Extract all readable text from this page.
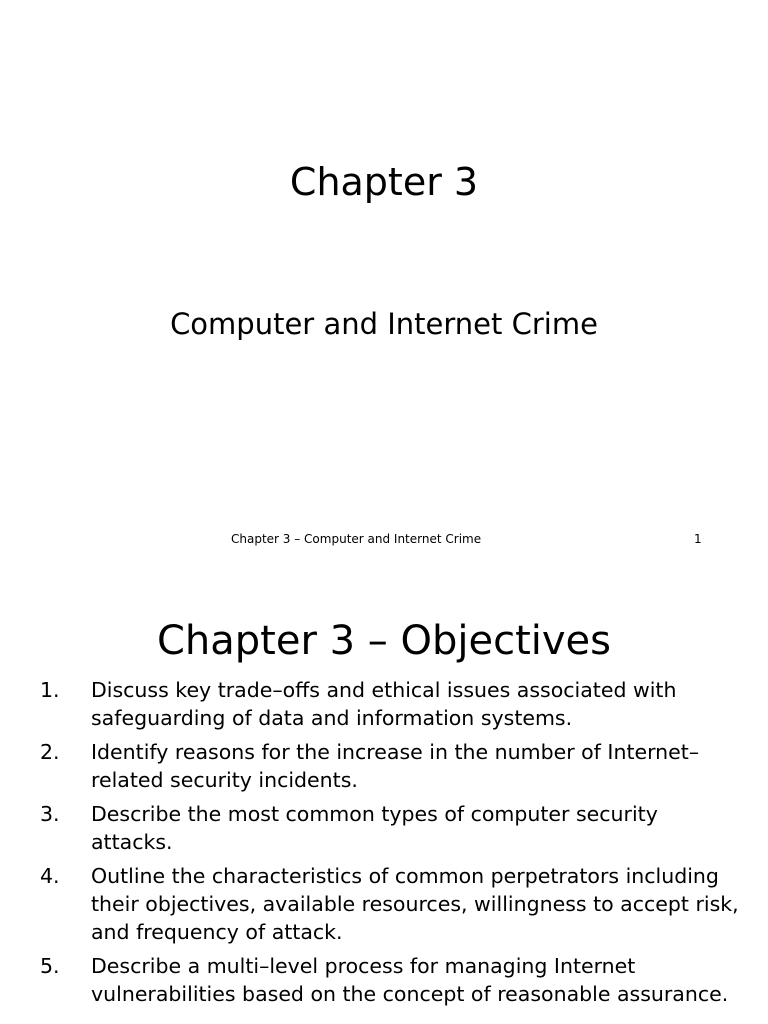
Chapter 3
Computer and Internet Crime
Chapter 3 – Computer and Internet Crime	1
Chapter 3 – Objectives
1. Discuss key trade–offs and ethical issues associated with safeguarding of data and information systems.
2. Identify reasons for the increase in the number of Internet–related security incidents.
3. Describe the most common types of computer security attacks.
4. Outline the characteristics of common perpetrators including their objectives, available resources, willingness to accept risk, and frequency of attack.
5. Describe a multi–level process for managing Internet vulnerabilities based on the concept of reasonable assurance.
